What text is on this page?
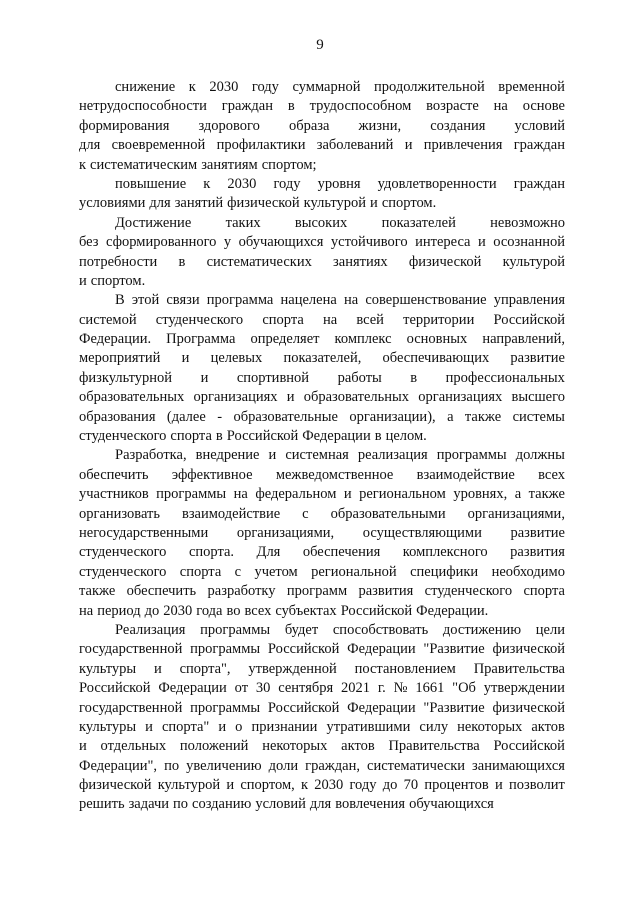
9
снижение к 2030 году суммарной продолжительной временной
нетрудоспособности граждан в трудоспособном возрасте на основе
формирования здорового образа жизни, создания условий
для своевременной профилактики заболеваний и привлечения граждан
к систематическим занятиям спортом;
повышение к 2030 году уровня удовлетворенности граждан
условиями для занятий физической культурой и спортом.
Достижение таких высоких показателей невозможно
без сформированного у обучающихся устойчивого интереса и осознанной
потребности в систематических занятиях физической культурой
и спортом.
В этой связи программа нацелена на совершенствование управления
системой студенческого спорта на всей территории Российской
Федерации. Программа определяет комплекс основных направлений,
мероприятий и целевых показателей, обеспечивающих развитие
физкультурной и спортивной работы в профессиональных
образовательных организациях и образовательных организациях высшего
образования (далее - образовательные организации), а также системы
студенческого спорта в Российской Федерации в целом.
Разработка, внедрение и системная реализация программы должны
обеспечить эффективное межведомственное взаимодействие всех
участников программы на федеральном и региональном уровнях, а также
организовать взаимодействие с образовательными организациями,
негосударственными организациями, осуществляющими развитие
студенческого спорта. Для обеспечения комплексного развития
студенческого спорта с учетом региональной специфики необходимо
также обеспечить разработку программ развития студенческого спорта
на период до 2030 года во всех субъектах Российской Федерации.
Реализация программы будет способствовать достижению цели
государственной программы Российской Федерации "Развитие физической
культуры и спорта", утвержденной постановлением Правительства
Российской Федерации от 30 сентября 2021 г. № 1661 "Об утверждении
государственной программы Российской Федерации "Развитие физической
культуры и спорта" и о признании утратившими силу некоторых актов
и отдельных положений некоторых актов Правительства Российской
Федерации", по увеличению доли граждан, систематически занимающихся
физической культурой и спортом, к 2030 году до 70 процентов и позволит
решить задачи по созданию условий для вовлечения обучающихся
